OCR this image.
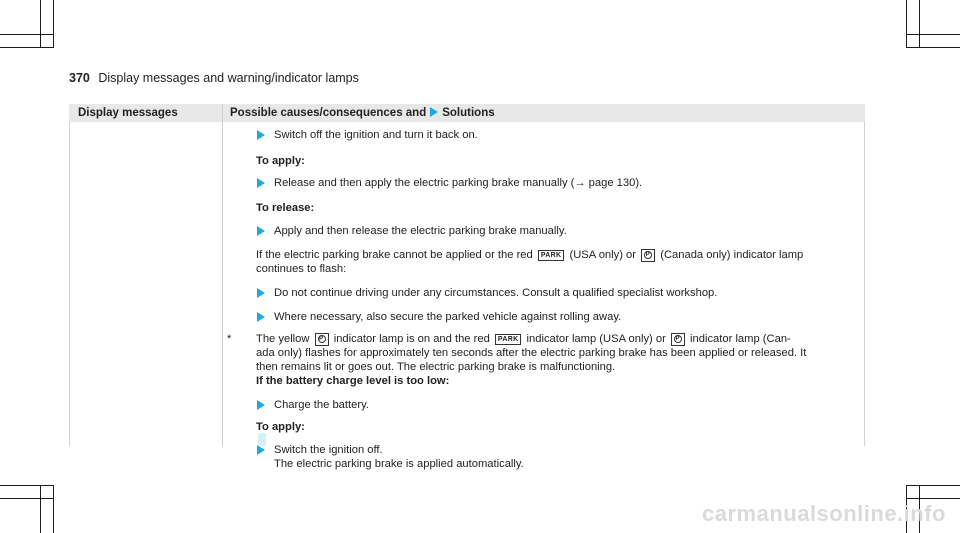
370 Display messages and warning/indicator lamps
Display messages	Possible causes/consequences and Solutions
Switch off the ignition and turn it back on.
To apply:
Release and then apply the electric parking brake manually (→ page 130).
To release:
Apply and then release the electric parking brake manually.
If the electric parking brake cannot be applied or the red PARK (USA only) or P (Canada only) indicator lamp
continues to flash:
Do not continue driving under any circumstances. Consult a qualified specialist workshop.
Where necessary, also secure the parked vehicle against rolling away.
* The yellow P indicator lamp is on and the red PARK indicator lamp (USA only) or P indicator lamp (Can-
ada only) flashes for approximately ten seconds after the electric parking brake has been applied or released. It
then remains lit or goes out. The electric parking brake is malfunctioning.
If the battery charge level is too low:
Charge the battery.
To apply:
Switch the ignition off.
The electric parking brake is applied automatically.
carmanualsonline.info
